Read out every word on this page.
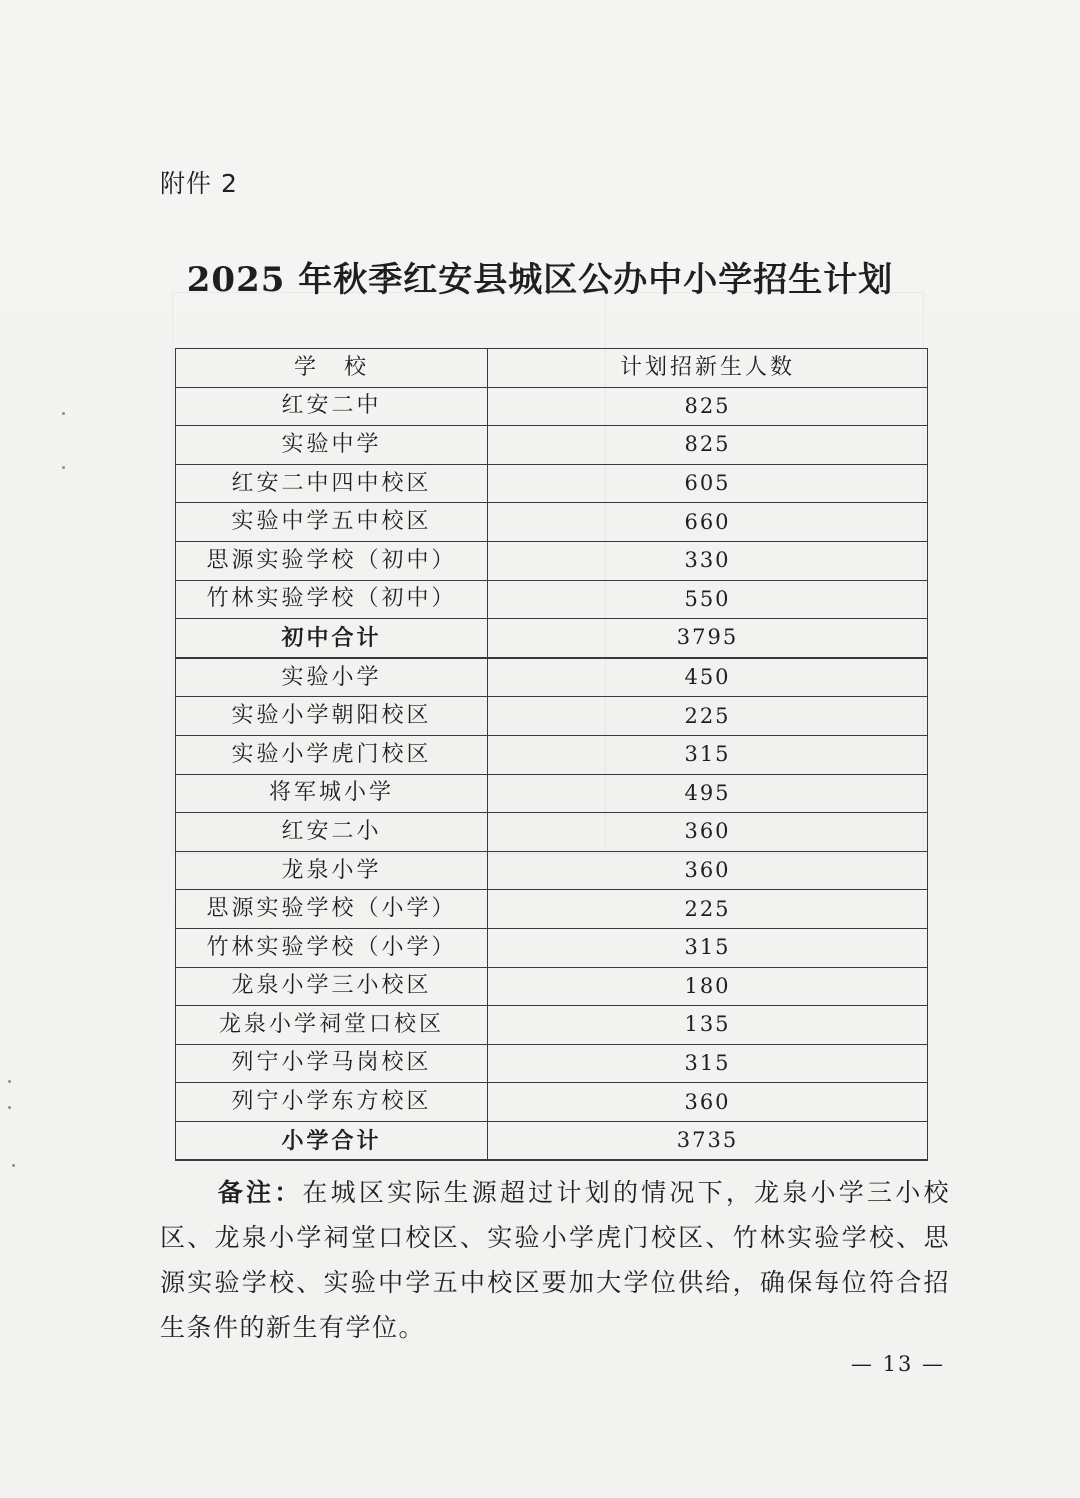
附件 2
2025 年秋季红安县城区公办中小学招生计划
学　校	计划招新生人数
红安二中	825
实验中学	825
红安二中四中校区	605
实验中学五中校区	660
思源实验学校（初中）	330
竹林实验学校（初中）	550
初中合计	3795
实验小学	450
实验小学朝阳校区	225
实验小学虎门校区	315
将军城小学	495
红安二小	360
龙泉小学	360
思源实验学校（小学）	225
竹林实验学校（小学）	315
龙泉小学三小校区	180
龙泉小学祠堂口校区	135
列宁小学马岗校区	315
列宁小学东方校区	360
小学合计	3735
备注：在城区实际生源超过计划的情况下，龙泉小学三小校区、龙泉小学祠堂口校区、实验小学虎门校区、竹林实验学校、思源实验学校、实验中学五中校区要加大学位供给，确保每位符合招生条件的新生有学位。
— 13 —
